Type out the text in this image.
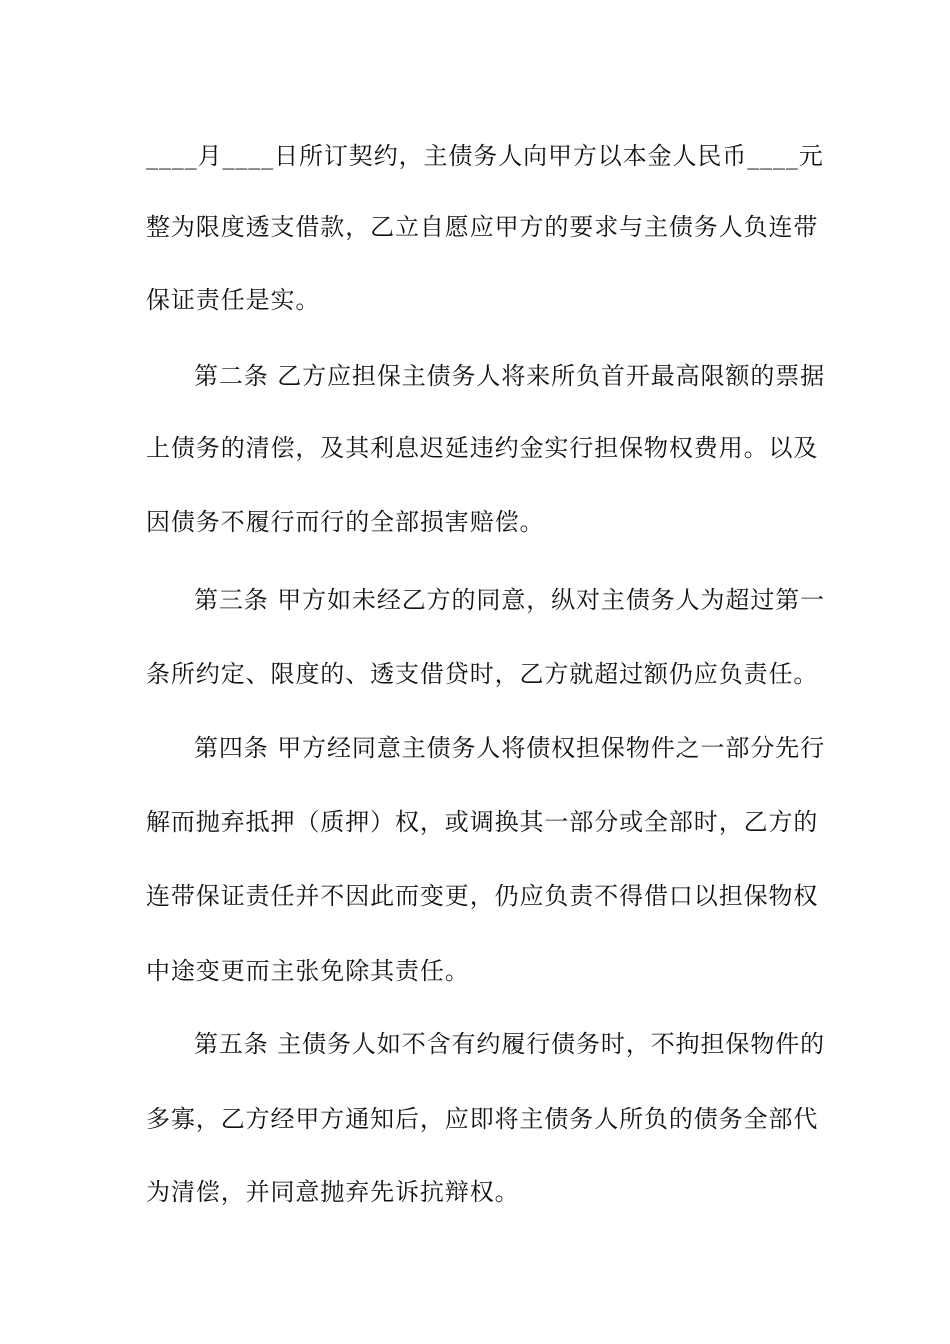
____月____日所订契约，主债务人向甲方以本金人民币____元
整为限度透支借款，乙立自愿应甲方的要求与主债务人负连带
保证责任是实。
第二条 乙方应担保主债务人将来所负首开最高限额的票据
上债务的清偿，及其利息迟延违约金实行担保物权费用。以及
因债务不履行而行的全部损害赔偿。
第三条 甲方如未经乙方的同意，纵对主债务人为超过第一
条所约定、限度的、透支借贷时，乙方就超过额仍应负责任。
第四条 甲方经同意主债务人将债权担保物件之一部分先行
解而抛弃抵押（质押）权，或调换其一部分或全部时，乙方的
连带保证责任并不因此而变更，仍应负责不得借口以担保物权
中途变更而主张免除其责任。
第五条 主债务人如不含有约履行债务时，不拘担保物件的
多寡，乙方经甲方通知后，应即将主债务人所负的债务全部代
为清偿，并同意抛弃先诉抗辩权。
